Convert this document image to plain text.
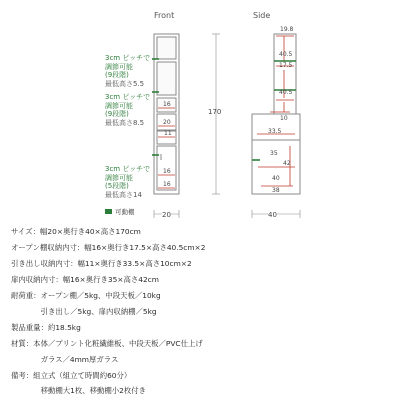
Front	Side

3cm ピッチで
調節可能
(9段階)
最低高さ5.5

3cm ピッチで
調節可能
(9段階)
最低高さ8.5

3cm ピッチで
調節可能
(5段階)
最低高さ14

16
20
11
16
16
170
20
19.8
40.5
17.5
40.5
10
33.5
35
42
40
38
40
可動棚
サイズ：幅20×奥行き40×高さ170cm
オープン棚収納内寸：幅16×奥行き17.5×高さ40.5cm×2
引き出し収納内寸：幅11×奥行き33.5×高さ10cm×2
扉内収納内寸：幅16×奥行き35×高さ42cm
耐荷重：オープン棚／5kg、中段天板／10kg
　　　　引き出し／5kg、扉内収納棚／5kg
製品重量：約18.5kg
材質：本体／プリント化粧繊維板、中段天板／PVC仕上げ
　　　　ガラス／4mm厚ガラス
備考：組立式（組立て時間約60分）
　　　　移動棚大1枚、移動棚小2枚付き
